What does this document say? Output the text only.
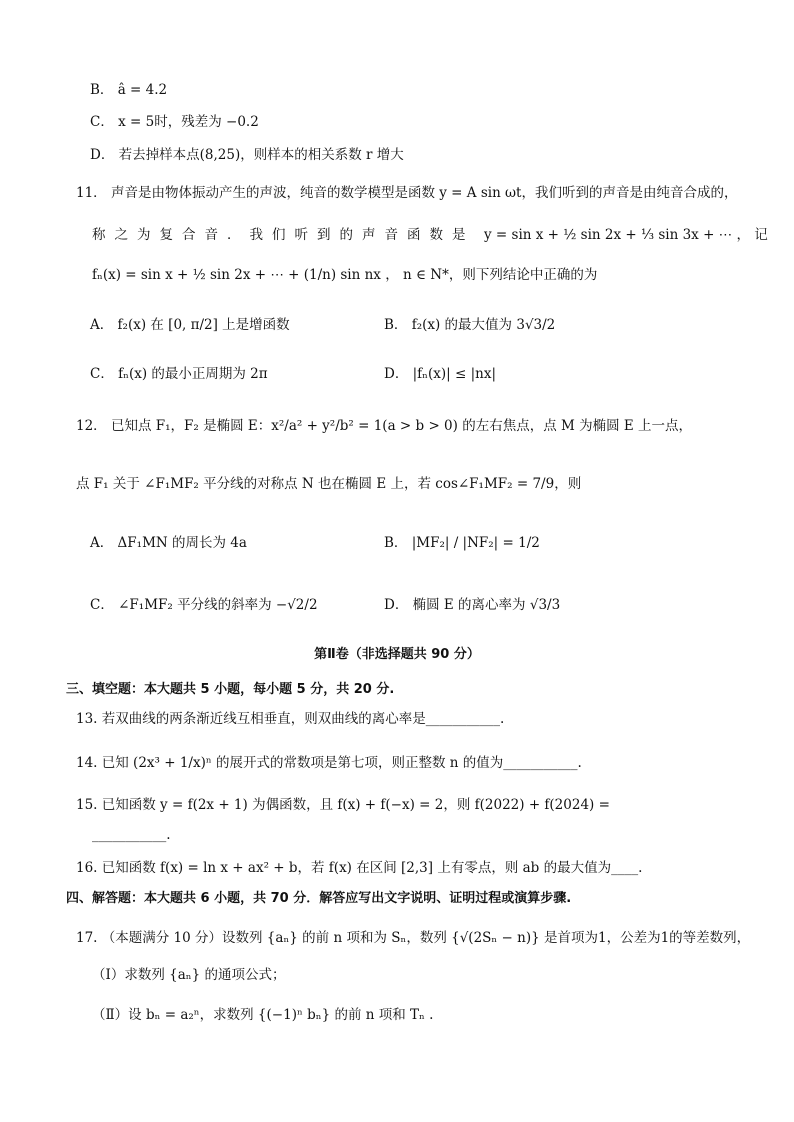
B． â = 4.2
C． x = 5时，残差为 −0.2
D． 若去掉样本点(8,25)，则样本的相关系数 r 增大
11． 声音是由物体振动产生的声波，纯音的数学模型是函数 y = A sin ωt，我们听到的声音是由纯音合成的，
称之为复合音．我们听到的声音函数是 y = sin x + ½ sin 2x + ⅓ sin 3x + ⋯ ， 记
fₙ(x) = sin x + ½ sin 2x + ⋯ + (1/n) sin nx ， n ∈ N*，则下列结论中正确的为
A． f₂(x) 在 [0, π/2] 上是增函数	B． f₂(x) 的最大值为 3√3/2
C． fₙ(x) 的最小正周期为 2π	D． |fₙ(x)| ≤ |nx|
12． 已知点 F₁，F₂ 是椭圆 E：x²/a² + y²/b² = 1(a > b > 0) 的左右焦点，点 M 为椭圆 E 上一点，
点 F₁ 关于 ∠F₁MF₂ 平分线的对称点 N 也在椭圆 E 上，若 cos∠F₁MF₂ = 7/9，则
A． ΔF₁MN 的周长为 4a	B． |MF₂| / |NF₂| = 1/2
C． ∠F₁MF₂ 平分线的斜率为 −√2/2	D． 椭圆 E 的离心率为 √3/3
第Ⅱ卷（非选择题共 90 分）
三、填空题：本大题共 5 小题，每小题 5 分，共 20 分.
13. 若双曲线的两条渐近线互相垂直，则双曲线的离心率是___________.
14. 已知 (2x³ + 1/x)ⁿ 的展开式的常数项是第七项，则正整数 n 的值为___________.
15. 已知函数 y = f(2x + 1) 为偶函数，且 f(x) + f(−x) = 2，则 f(2022) + f(2024) =
___________.
16. 已知函数 f(x) = ln x + ax² + b，若 f(x) 在区间 [2,3] 上有零点，则 ab 的最大值为____.
四、解答题：本大题共 6 小题，共 70 分．解答应写出文字说明、证明过程或演算步骤.
17. （本题满分 10 分）设数列 {aₙ} 的前 n 项和为 Sₙ，数列 {√(2Sₙ − n)} 是首项为1，公差为1的等差数列，
（Ⅰ）求数列 {aₙ} 的通项公式；
（Ⅱ）设 bₙ = a₂ⁿ，求数列 {(−1)ⁿ bₙ} 的前 n 项和 Tₙ .
